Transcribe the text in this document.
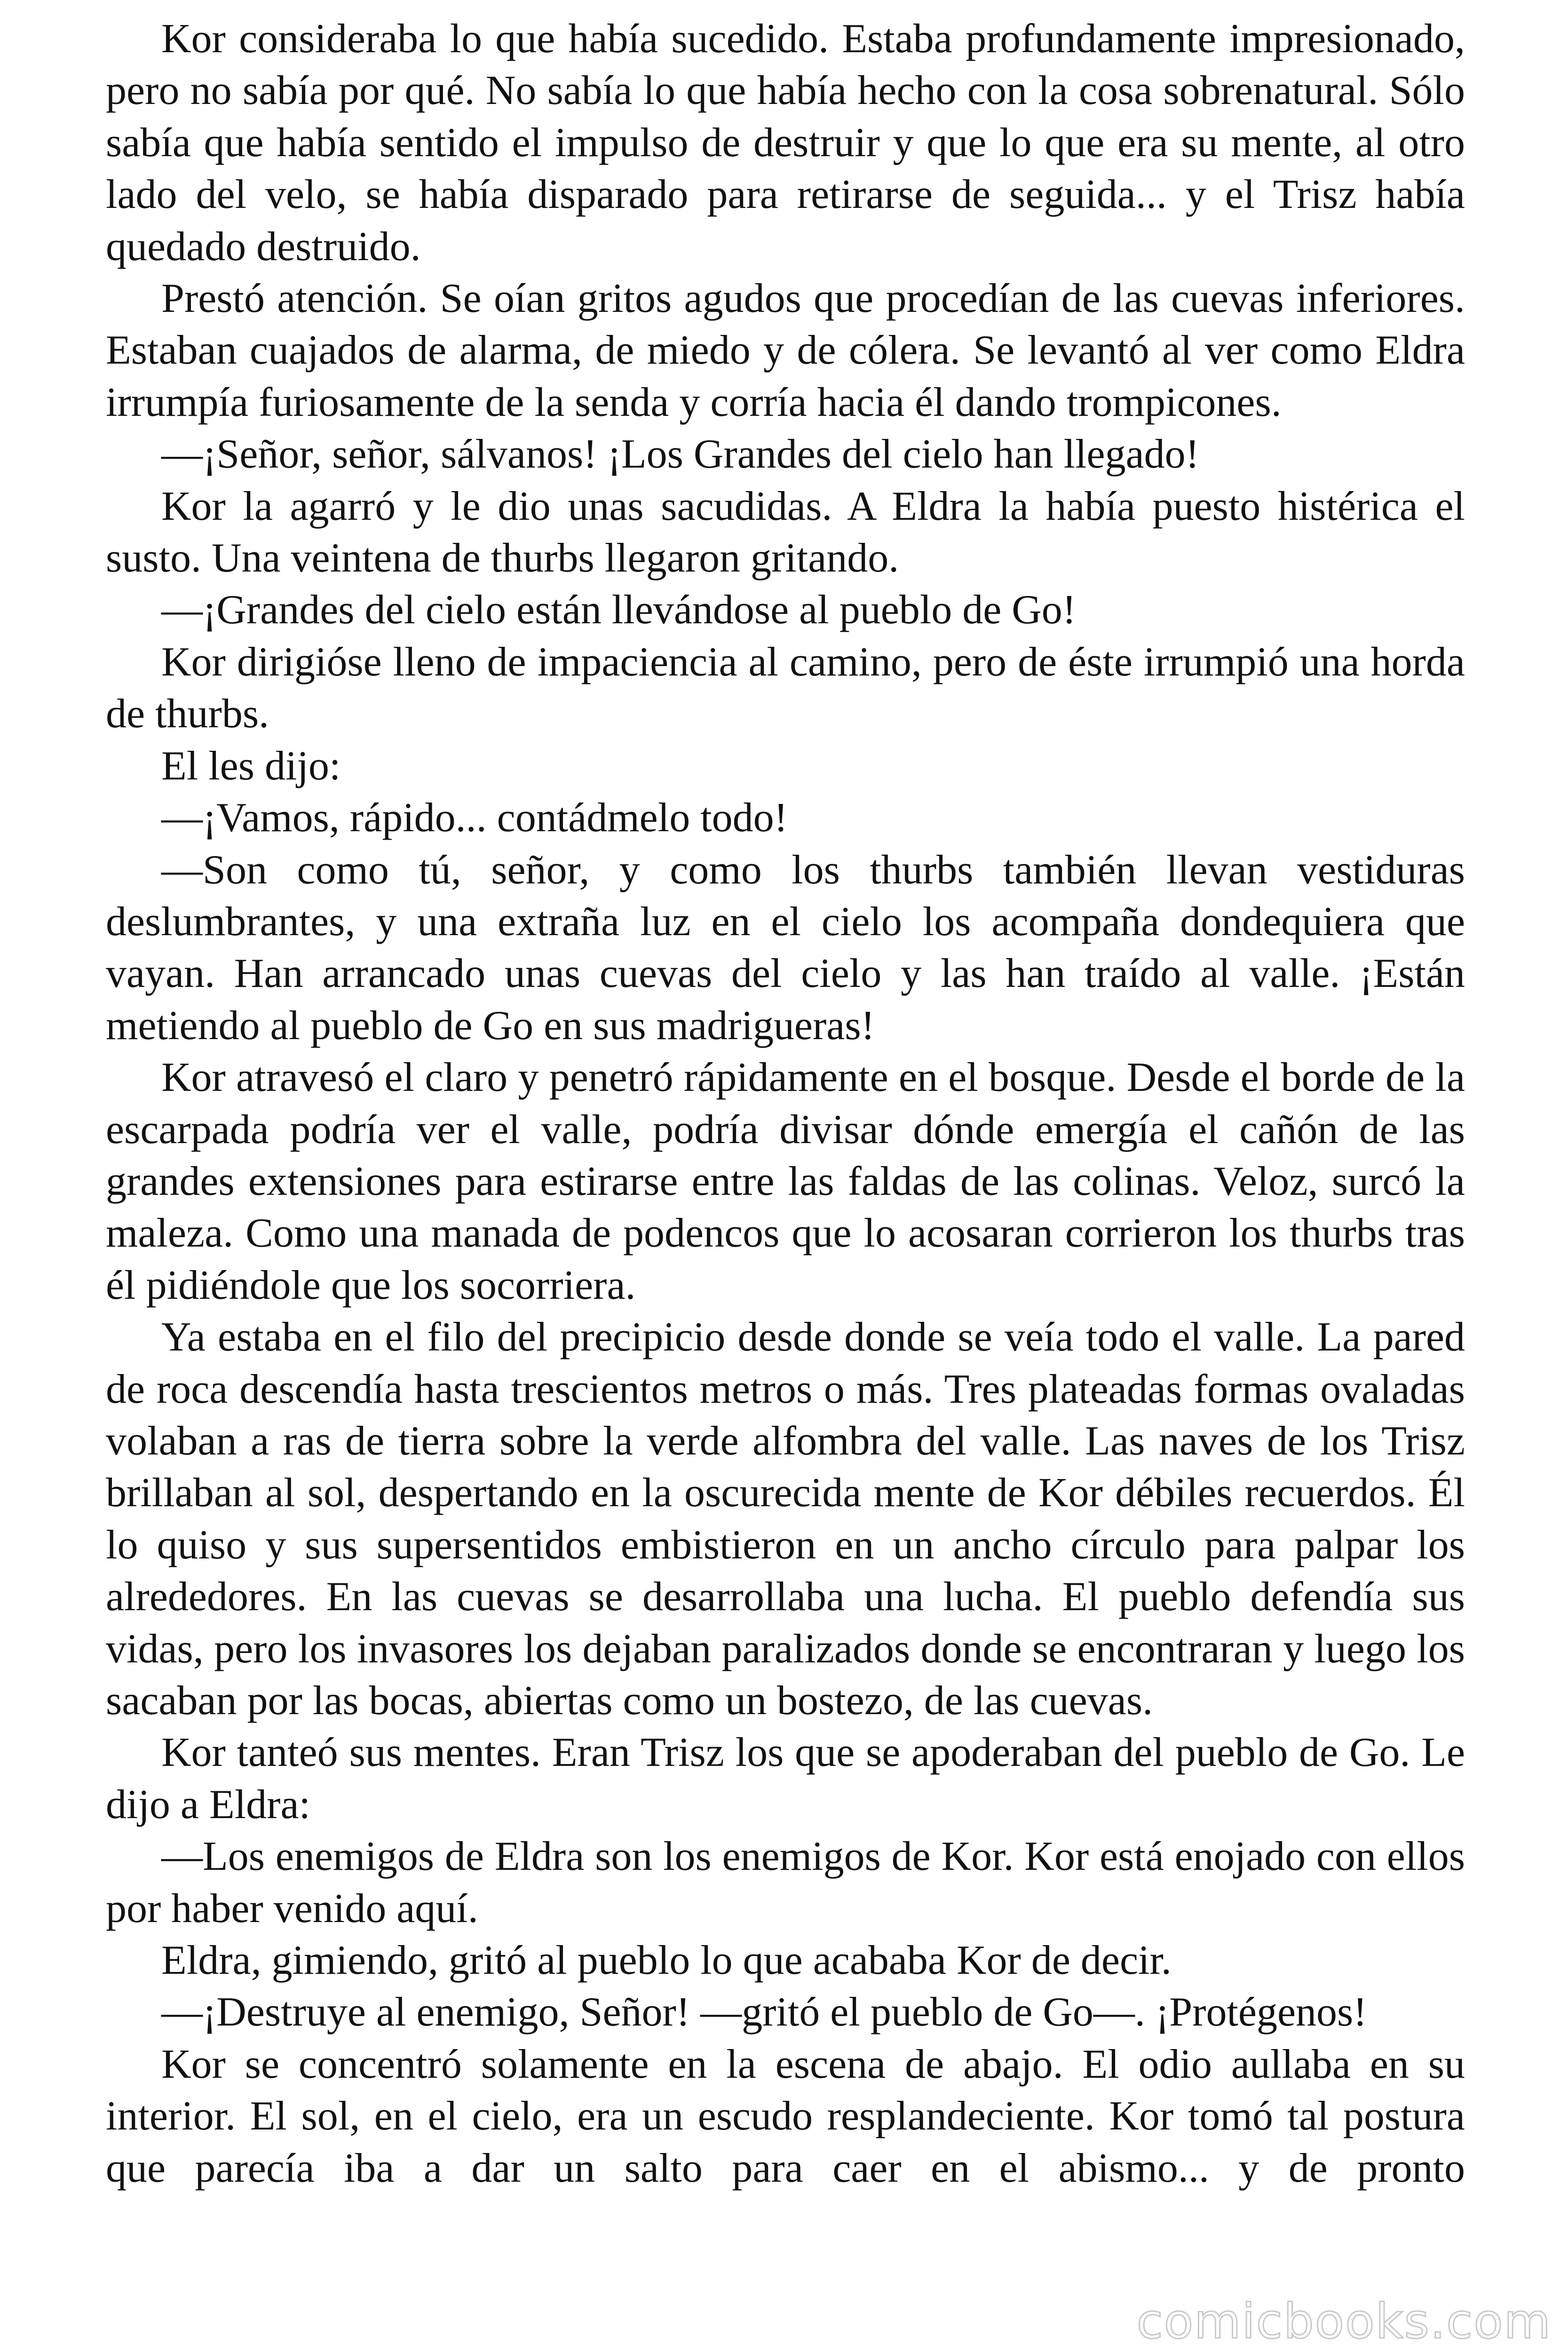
Kor consideraba lo que había sucedido. Estaba profundamente impresionado, pero no sabía por qué. No sabía lo que había hecho con la cosa sobrenatural. Sólo sabía que había sentido el impulso de destruir y que lo que era su mente, al otro lado del velo, se había disparado para retirarse de seguida... y el Trisz había quedado destruido.

Prestó atención. Se oían gritos agudos que procedían de las cuevas inferiores. Estaban cuajados de alarma, de miedo y de cólera. Se levantó al ver como Eldra irrumpía furiosamente de la senda y corría hacia él dando trompicones.

—¡Señor, señor, sálvanos! ¡Los Grandes del cielo han llegado!

Kor la agarró y le dio unas sacudidas. A Eldra la había puesto histérica el susto. Una veintena de thurbs llegaron gritando.

—¡Grandes del cielo están llevándose al pueblo de Go!

Kor dirigióse lleno de impaciencia al camino, pero de éste irrumpió una horda de thurbs.

El les dijo:

—¡Vamos, rápido... contádmelo todo!

—Son como tú, señor, y como los thurbs también llevan vestiduras deslumbrantes, y una extraña luz en el cielo los acompaña dondequiera que vayan. Han arrancado unas cuevas del cielo y las han traído al valle. ¡Están metiendo al pueblo de Go en sus madrigueras!

Kor atravesó el claro y penetró rápidamente en el bosque. Desde el borde de la escarpada podría ver el valle, podría divisar dónde emergía el cañón de las grandes extensiones para estirarse entre las faldas de las colinas. Veloz, surcó la maleza. Como una manada de podencos que lo acosaran corrieron los thurbs tras él pidiéndole que los socorriera.

Ya estaba en el filo del precipicio desde donde se veía todo el valle. La pared de roca descendía hasta trescientos metros o más. Tres plateadas formas ovaladas volaban a ras de tierra sobre la verde alfombra del valle. Las naves de los Trisz brillaban al sol, despertando en la oscurecida mente de Kor débiles recuerdos. Él lo quiso y sus supersentidos embistieron en un ancho círculo para palpar los alrededores. En las cuevas se desarrollaba una lucha. El pueblo defendía sus vidas, pero los invasores los dejaban paralizados donde se encontraran y luego los sacaban por las bocas, abiertas como un bostezo, de las cuevas.

Kor tanteó sus mentes. Eran Trisz los que se apoderaban del pueblo de Go. Le dijo a Eldra:

—Los enemigos de Eldra son los enemigos de Kor. Kor está enojado con ellos por haber venido aquí.

Eldra, gimiendo, gritó al pueblo lo que acababa Kor de decir.

—¡Destruye al enemigo, Señor! —gritó el pueblo de Go—. ¡Protégenos!

Kor se concentró solamente en la escena de abajo. El odio aullaba en su interior. El sol, en el cielo, era un escudo resplandeciente. Kor tomó tal postura que parecía iba a dar un salto para caer en el abismo... y de pronto

comicbooks.com
